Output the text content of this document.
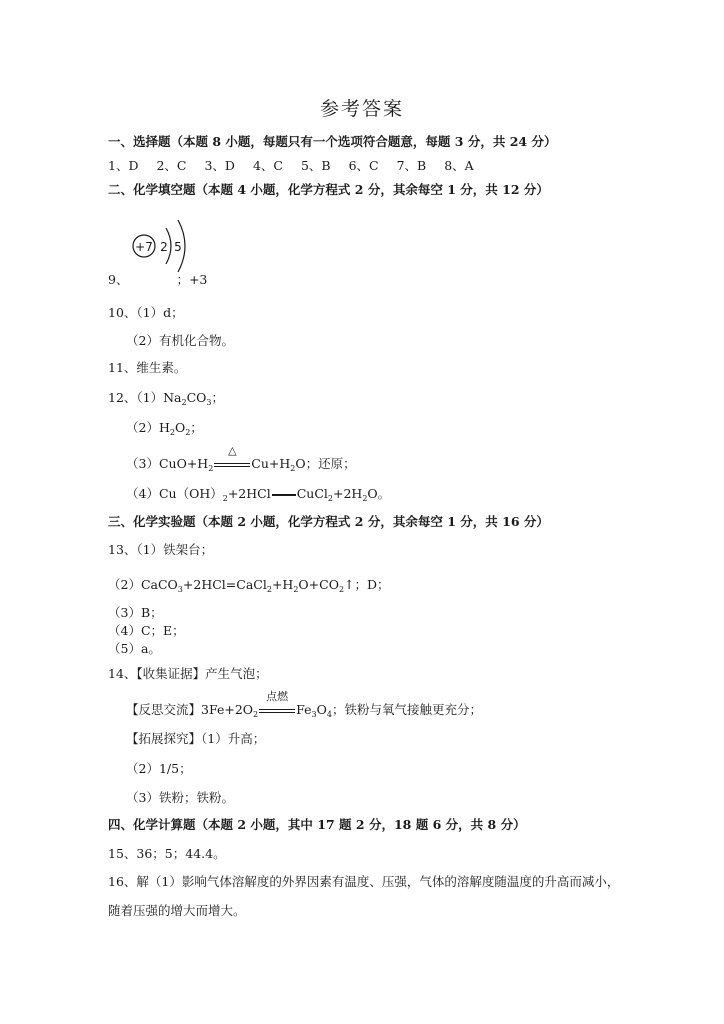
参考答案
一、选择题（本题 8 小题，每题只有一个选项符合题意，每题 3 分，共 24 分）
1、D 2、C 3、D 4、C 5、B 6、C 7、B 8、A
二、化学填空题（本题 4 小题，化学方程式 2 分，其余每空 1 分，共 12 分）
+7 2 5
9、	；+3
10、（1）d；
（2）有机化合物。
11、维生素。
12、$(1)Na_2CO_3$；
$(2)H_2O_2$；
$(3)CuO+H_2$
△
$Cu+H_2O$；还原；
$(4)Cu(OH)_2+2HCl$ $CuCl_2+2H_2O$。
三、化学实验题（本题 2 小题，化学方程式 2 分，其余每空 1 分，共 16 分）
13、（1）铁架台；
$(2)CaCO_3+2HCl=CaCl_2+H_2O+CO_2↑$；D；
（3）B；
（4）C；E；
（5）a。
14、【收集证据】产生气泡；
【反思交流】$3Fe+2O_2$
点燃
$Fe_3O_4$；铁粉与氧气接触更充分；
【拓展探究】（1）升高；
（2）1/5；
（3）铁粉；铁粉。
四、化学计算题（本题 2 小题，其中 17 题 2 分，18 题 6 分，共 8 分）
15、36；5；44.4。
16、解（1）影响气体溶解度的外界因素有温度、压强，气体的溶解度随温度的升高而减小，
随着压强的增大而增大。
